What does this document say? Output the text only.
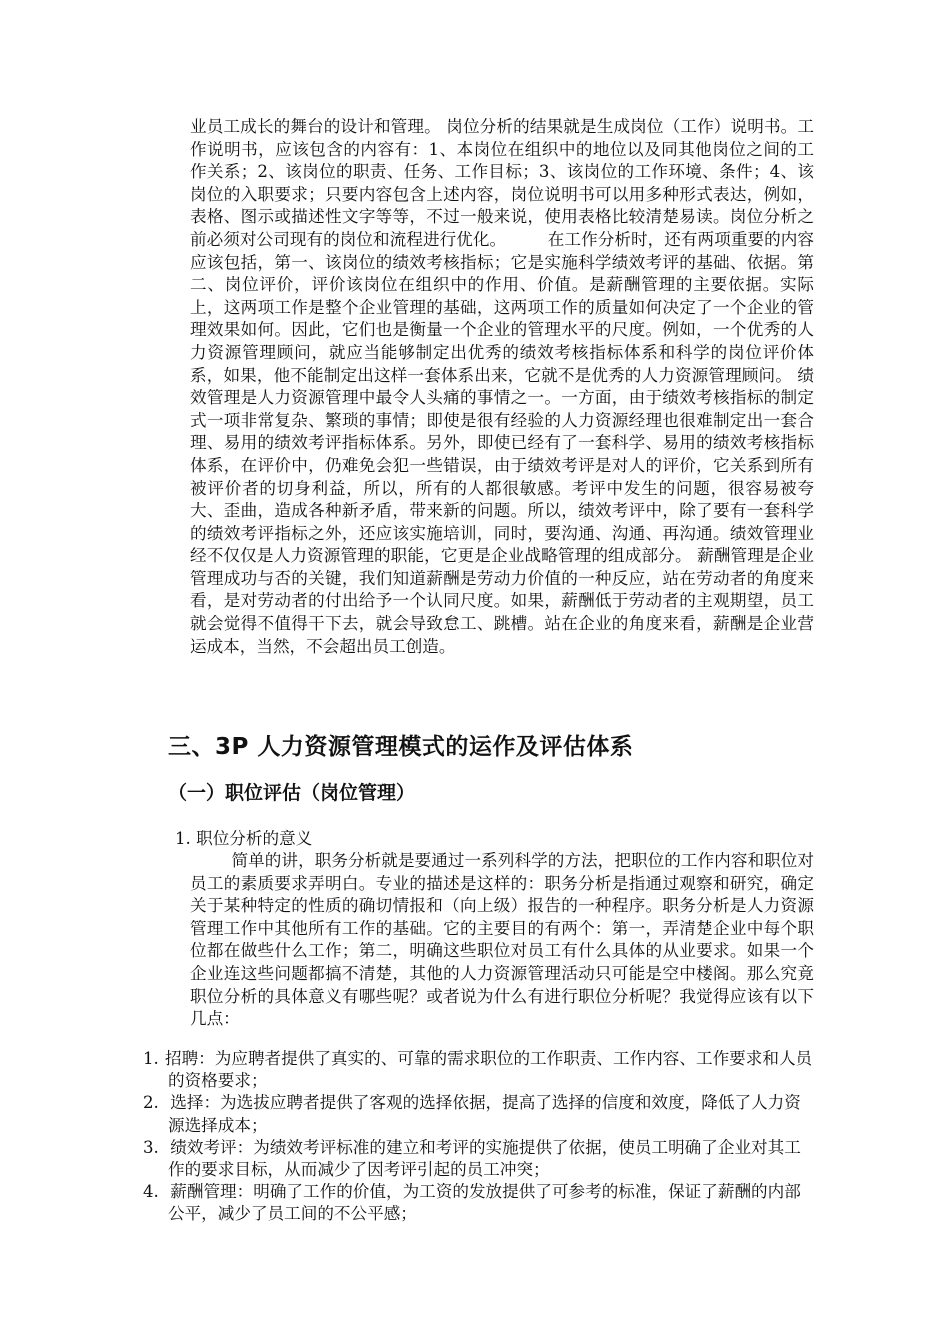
业员工成长的舞台的设计和管理。 岗位分析的结果就是生成岗位（工作）说明书。工作说明书，应该包含的内容有：1、本岗位在组织中的地位以及同其他岗位之间的工作关系；2、该岗位的职责、任务、工作目标；3、该岗位的工作环境、条件；4、该岗位的入职要求；只要内容包含上述内容，岗位说明书可以用多种形式表达，例如，表格、图示或描述性文字等等，不过一般来说，使用表格比较清楚易读。岗位分析之前必须对公司现有的岗位和流程进行优化。　　　在工作分析时，还有两项重要的内容应该包括，第一、该岗位的绩效考核指标；它是实施科学绩效考评的基础、依据。第二、岗位评价，评价该岗位在组织中的作用、价值。是薪酬管理的主要依据。实际上，这两项工作是整个企业管理的基础，这两项工作的质量如何决定了一个企业的管理效果如何。因此，它们也是衡量一个企业的管理水平的尺度。例如，一个优秀的人力资源管理顾问，就应当能够制定出优秀的绩效考核指标体系和科学的岗位评价体系，如果，他不能制定出这样一套体系出来，它就不是优秀的人力资源管理顾问。 绩效管理是人力资源管理中最令人头痛的事情之一。一方面，由于绩效考核指标的制定式一项非常复杂、繁琐的事情；即使是很有经验的人力资源经理也很难制定出一套合理、易用的绩效考评指标体系。另外，即使已经有了一套科学、易用的绩效考核指标体系，在评价中，仍难免会犯一些错误，由于绩效考评是对人的评价，它关系到所有被评价者的切身利益，所以，所有的人都很敏感。考评中发生的问题，很容易被夸大、歪曲，造成各种新矛盾，带来新的问题。所以，绩效考评中，除了要有一套科学的绩效考评指标之外，还应该实施培训，同时，要沟通、沟通、再沟通。绩效管理业经不仅仅是人力资源管理的职能，它更是企业战略管理的组成部分。 薪酬管理是企业管理成功与否的关键，我们知道薪酬是劳动力价值的一种反应，站在劳动者的角度来看，是对劳动者的付出给予一个认同尺度。如果，薪酬低于劳动者的主观期望，员工就会觉得不值得干下去，就会导致怠工、跳槽。站在企业的角度来看，薪酬是企业营运成本，当然，不会超出员工创造。

三、3P 人力资源管理模式的运作及评估体系
（一）职位评估（岗位管理）

1. 职位分析的意义

简单的讲，职务分析就是要通过一系列科学的方法，把职位的工作内容和职位对员工的素质要求弄明白。专业的描述是这样的：职务分析是指通过观察和研究，确定关于某种特定的性质的确切情报和（向上级）报告的一种程序。职务分析是人力资源管理工作中其他所有工作的基础。它的主要目的有两个：第一，弄清楚企业中每个职位都在做些什么工作；第二，明确这些职位对员工有什么具体的从业要求。如果一个企业连这些问题都搞不清楚，其他的人力资源管理活动只可能是空中楼阁。那么究竟职位分析的具体意义有哪些呢？或者说为什么有进行职位分析呢？我觉得应该有以下几点：

1. 招聘：为应聘者提供了真实的、可靠的需求职位的工作职责、工作内容、工作要求和人员的资格要求；
2. 选择：为选拔应聘者提供了客观的选择依据，提高了选择的信度和效度，降低了人力资源选择成本；
3. 绩效考评：为绩效考评标准的建立和考评的实施提供了依据，使员工明确了企业对其工作的要求目标，从而减少了因考评引起的员工冲突；
4. 薪酬管理：明确了工作的价值，为工资的发放提供了可参考的标准，保证了薪酬的内部公平，减少了员工间的不公平感；
